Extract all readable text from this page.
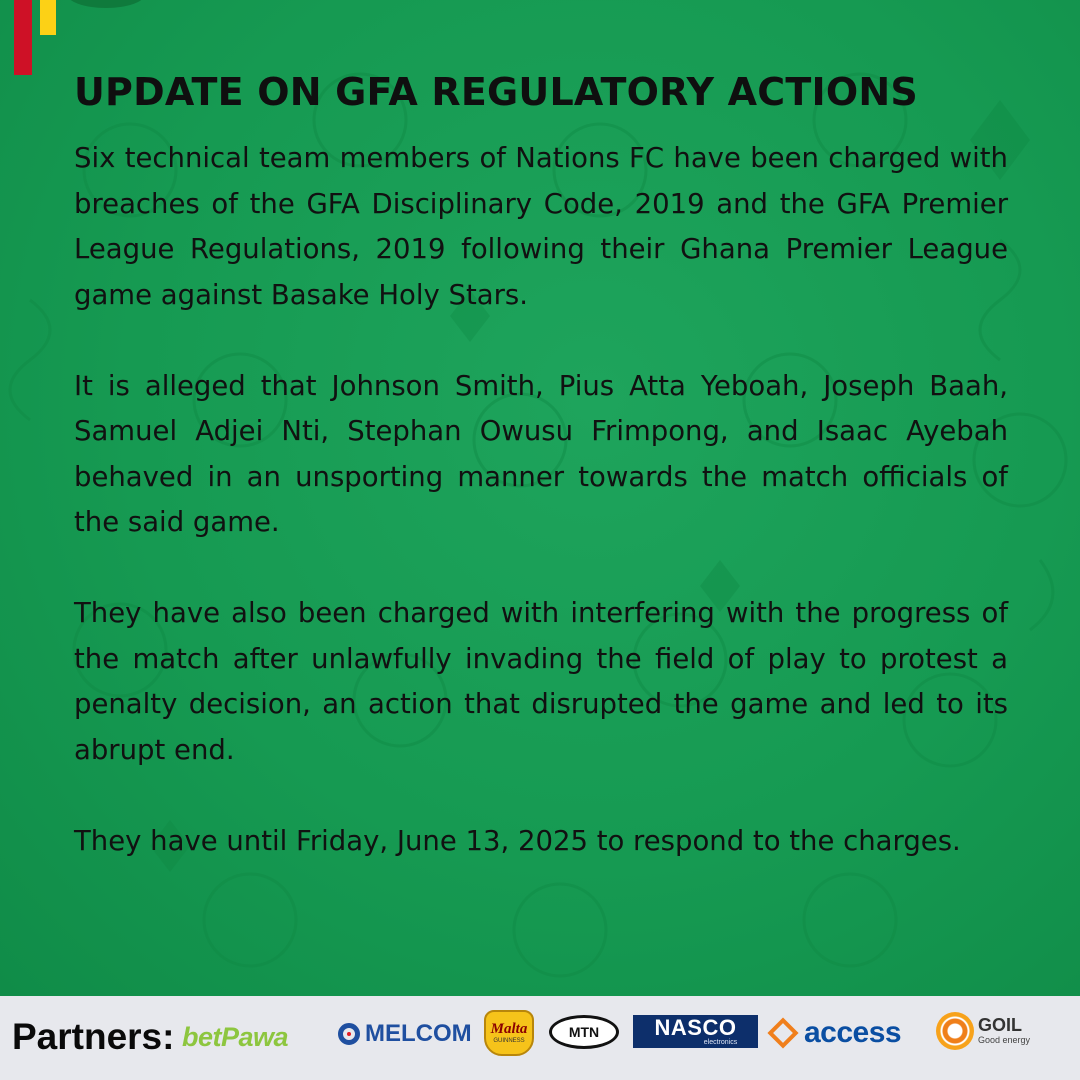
UPDATE ON GFA REGULATORY ACTIONS

Six technical team members of Nations FC have been charged with breaches of the GFA Disciplinary Code, 2019 and the GFA Premier League Regulations, 2019 following their Ghana Premier League game against Basake Holy Stars.

It is alleged that Johnson Smith, Pius Atta Yeboah, Joseph Baah, Samuel Adjei Nti, Stephan Owusu Frimpong, and Isaac Ayebah behaved in an unsporting manner towards the match officials of the said game.

They have also been charged with interfering with the progress of the match after unlawfully invading the field of play to protest a penalty decision, an action that disrupted the game and led to its abrupt end.

They have until Friday, June 13, 2025 to respond to the charges.

Partners: betPawa	MELCOM Malta
GUINNESS
MTN	NASCO
electronics access	GOIL
Good energy
